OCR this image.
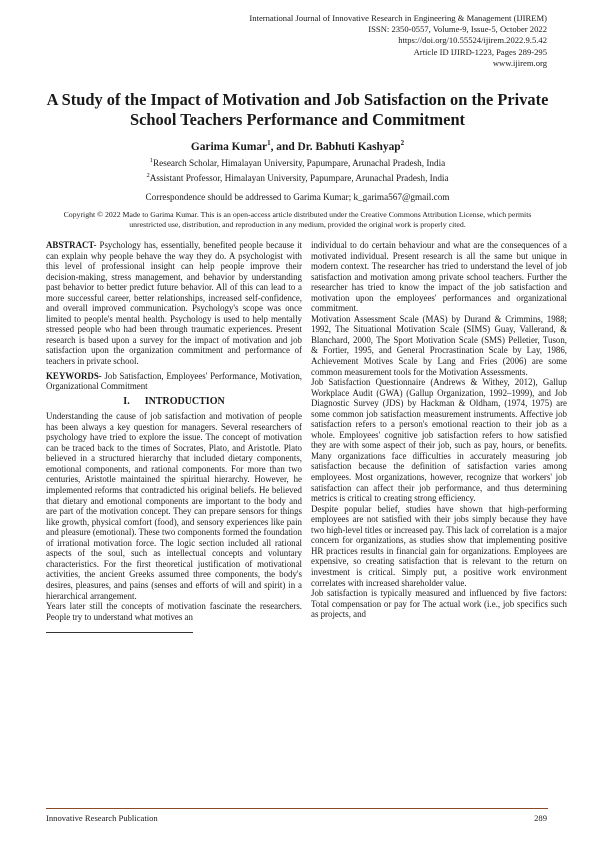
International Journal of Innovative Research in Engineering & Management (IJIREM)
ISSN: 2350-0557, Volume-9, Issue-5, October 2022
https://doi.org/10.55524/ijirem.2022.9.5.42
Article ID IJIRD-1223, Pages 289-295
www.ijirem.org
A Study of the Impact of Motivation and Job Satisfaction on the Private School Teachers Performance and Commitment
Garima Kumar$^1$, and Dr. Babhuti Kashyap$^2$
$^1$Research Scholar, Himalayan University, Papumpare, Arunachal Pradesh, India
$^2$Assistant Professor, Himalayan University, Papumpare, Arunachal Pradesh, India
Correspondence should be addressed to Garima Kumar; k_garima567@gmail.com
Copyright © 2022 Made to Garima Kumar. This is an open-access article distributed under the Creative Commons Attribution License, which permits unrestricted use, distribution, and reproduction in any medium, provided the original work is properly cited.

ABSTRACT- Psychology has, essentially, benefited people because it can explain why people behave the way they do. A psychologist with this level of professional insight can help people improve their decision-making, stress management, and behavior by understanding past behavior to better predict future behavior. All of this can lead to a more successful career, better relationships, increased self-confidence, and overall improved communication. Psychology's scope was once limited to people's mental health. Psychology is used to help mentally stressed people who had been through traumatic experiences. Present research is based upon a survey for the impact of motivation and job satisfaction upon the organization commitment and performance of teachers in private school.

KEYWORDS- Job Satisfaction, Employees' Performance, Motivation, Organizational Commitment

I.      INTRODUCTION

Understanding the cause of job satisfaction and motivation of people has been always a key question for managers. Several researchers of psychology have tried to explore the issue. The concept of motivation can be traced back to the times of Socrates, Plato, and Aristotle. Plato believed in a structured hierarchy that included dietary components, emotional components, and rational components. For more than two centuries, Aristotle maintained the spiritual hierarchy. However, he implemented reforms that contradicted his original beliefs. He believed that dietary and emotional components are important to the body and are part of the motivation concept. They can prepare sensors for things like growth, physical comfort (food), and sensory experiences like pain and pleasure (emotional). These two components formed the foundation of irrational motivation force. The logic section included all rational aspects of the soul, such as intellectual concepts and voluntary characteristics. For the first theoretical justification of motivational activities, the ancient Greeks assumed three components, the body's desires, pleasures, and pains (senses and efforts of will and spirit) in a hierarchical arrangement.

Years later still the concepts of motivation fascinate the researchers. People try to understand what motives an

individual to do certain behaviour and what are the consequences of a motivated individual. Present research is all the same but unique in modern context. The researcher has tried to understand the level of job satisfaction and motivation among private school teachers. Further the researcher has tried to know the impact of the job satisfaction and motivation upon the employees' performances and organizational commitment.

Motivation Assessment Scale (MAS) by Durand & Crimmins, 1988; 1992, The Situational Motivation Scale (SIMS) Guay, Vallerand, & Blanchard, 2000, The Sport Motivation Scale (SMS) Pelletier, Tuson, & Fortier, 1995, and General Procrastination Scale by Lay, 1986, Achievement Motives Scale by Lang and Fries (2006) are some common measurement tools for the Motivation Assessments.

Job Satisfaction Questionnaire (Andrews & Withey, 2012), Gallup Workplace Audit (GWA) (Gallup Organization, 1992–1999), and Job Diagnostic Survey (JDS) by Hackman & Oldham, (1974, 1975) are some common job satisfaction measurement instruments. Affective job satisfaction refers to a person's emotional reaction to their job as a whole. Employees' cognitive job satisfaction refers to how satisfied they are with some aspect of their job, such as pay, hours, or benefits. Many organizations face difficulties in accurately measuring job satisfaction because the definition of satisfaction varies among employees. Most organizations, however, recognize that workers' job satisfaction can affect their job performance, and thus determining metrics is critical to creating strong efficiency.

Despite popular belief, studies have shown that high-performing employees are not satisfied with their jobs simply because they have two high-level titles or increased pay. This lack of correlation is a major concern for organizations, as studies show that implementing positive HR practices results in financial gain for organizations. Employees are expensive, so creating satisfaction that is relevant to the return on investment is critical. Simply put, a positive work environment correlates with increased shareholder value.

Job satisfaction is typically measured and influenced by five factors: Total compensation or pay for The actual work (i.e., job specifics such as projects, and

Innovative Research Publication	289
